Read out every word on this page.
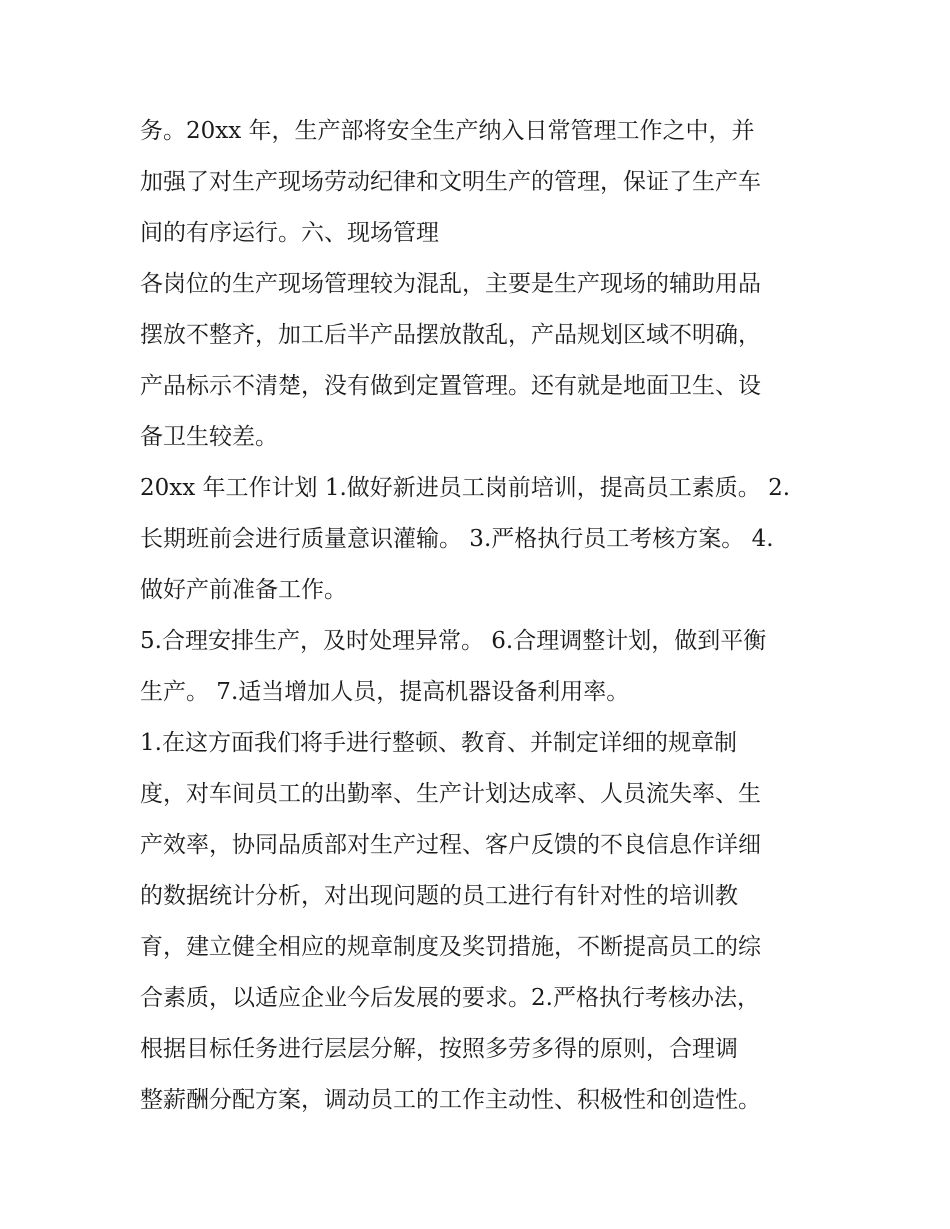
务。20xx 年，生产部将安全生产纳入日常管理工作之中，并
加强了对生产现场劳动纪律和文明生产的管理，保证了生产车
间的有序运行。六、现场管理
各岗位的生产现场管理较为混乱，主要是生产现场的辅助用品
摆放不整齐，加工后半产品摆放散乱，产品规划区域不明确，
产品标示不清楚，没有做到定置管理。还有就是地面卫生、设
备卫生较差。
20xx 年工作计划 1.做好新进员工岗前培训，提高员工素质。 2.
长期班前会进行质量意识灌输。 3.严格执行员工考核方案。 4.
做好产前准备工作。
5.合理安排生产，及时处理异常。 6.合理调整计划，做到平衡
生产。 7.适当增加人员，提高机器设备利用率。
1.在这方面我们将手进行整顿、教育、并制定详细的规章制
度，对车间员工的出勤率、生产计划达成率、人员流失率、生
产效率，协同品质部对生产过程、客户反馈的不良信息作详细
的数据统计分析，对出现问题的员工进行有针对性的培训教
育，建立健全相应的规章制度及奖罚措施，不断提高员工的综
合素质，以适应企业今后发展的要求。2.严格执行考核办法，
根据目标任务进行层层分解，按照多劳多得的原则，合理调
整薪酬分配方案，调动员工的工作主动性、积极性和创造性。
